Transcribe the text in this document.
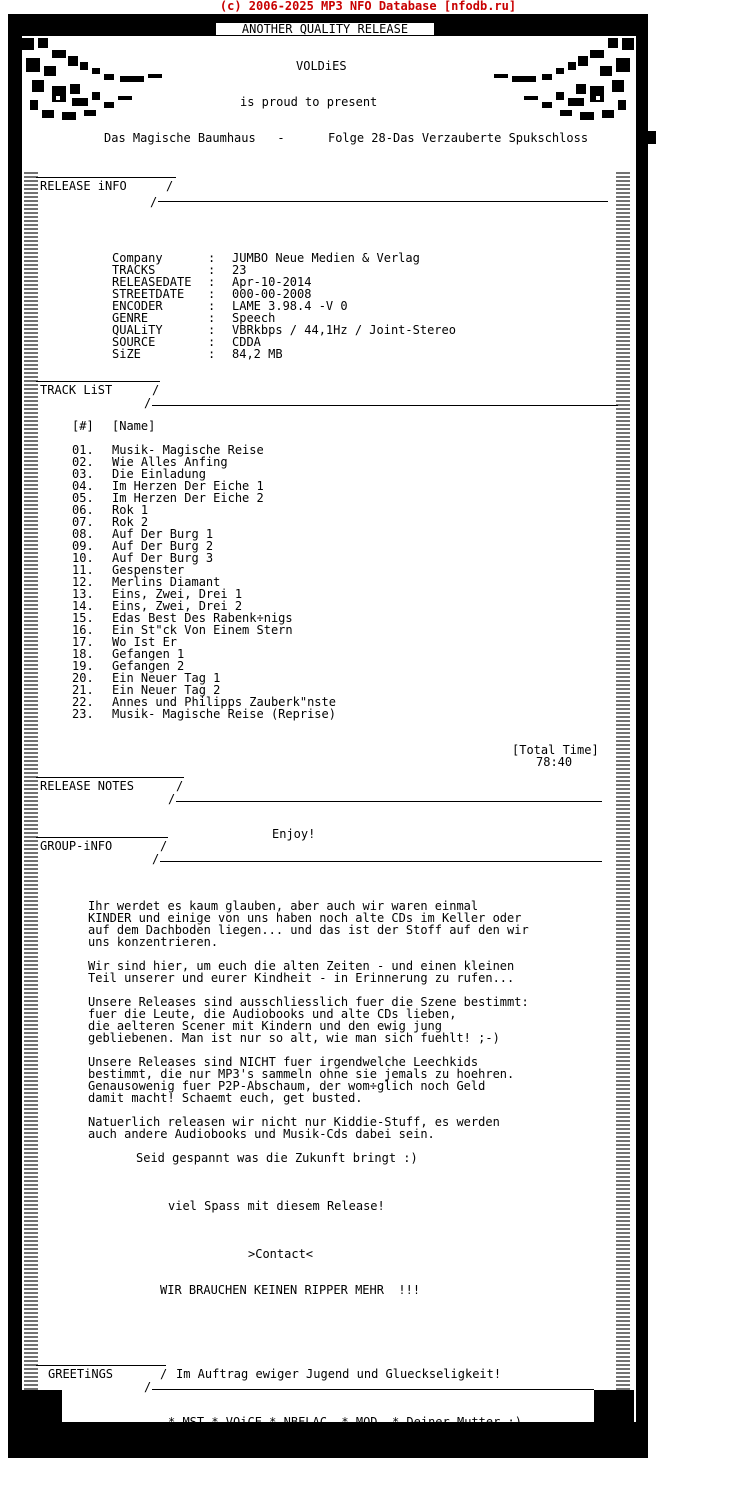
(c) 2006-2025 MP3 NFO Database [nfodb.ru]
ANOTHER QUALITY RELEASE
VOLDiES
is proud to present
Das Magische Baumhaus   -      Folge 28-Das Verzauberte Spukschloss
RELEASE iNFO	/
/
Company	: JUMBO Neue Medien & Verlag
TRACKS	: 23
RELEASEDATE : Apr-10-2014
STREETDATE : 000-00-2008
ENCODER	: LAME 3.98.4 -V 0
GENRE	: Speech
QUALiTY	: VBRkbps / 44,1Hz / Joint-Stereo
SOURCE	: CDDA
SiZE	: 84,2 MB
TRACK LiST	/
/
[#] [Name]
01. Musik- Magische Reise
02. Wie Alles Anfing
03. Die Einladung
04. Im Herzen Der Eiche 1
05. Im Herzen Der Eiche 2
06. Rok 1
07. Rok 2
08. Auf Der Burg 1
09. Auf Der Burg 2
10. Auf Der Burg 3
11. Gespenster
12. Merlins Diamant
13. Eins, Zwei, Drei 1
14. Eins, Zwei, Drei 2
15. Edas Best Des Rabenk÷nigs
16. Ein St"ck Von Einem Stern
17. Wo Ist Er
18. Gefangen 1
19. Gefangen 2
20. Ein Neuer Tag 1
21. Ein Neuer Tag 2
22. Annes und Philipps Zauberk"nste
23. Musik- Magische Reise (Reprise)
[Total Time]
78:40
RELEASE NOTES	/
/
Enjoy!
GROUP-iNFO	/
/
Ihr werdet es kaum glauben, aber auch wir waren einmal
KINDER und einige von uns haben noch alte CDs im Keller oder
auf dem Dachboden liegen... und das ist der Stoff auf den wir
uns konzentrieren.
Wir sind hier, um euch die alten Zeiten - und einen kleinen
Teil unserer und eurer Kindheit - in Erinnerung zu rufen...
Unsere Releases sind ausschliesslich fuer die Szene bestimmt:
fuer die Leute, die Audiobooks und alte CDs lieben,
die aelteren Scener mit Kindern und den ewig jung
gebliebenen. Man ist nur so alt, wie man sich fuehlt! ;-)
Unsere Releases sind NICHT fuer irgendwelche Leechkids
bestimmt, die nur MP3's sammeln ohne sie jemals zu hoehren.
Genausowenig fuer P2P-Abschaum, der wom÷glich noch Geld
damit macht! Schaemt euch, get busted.
Natuerlich releasen wir nicht nur Kiddie-Stuff, es werden
auch andere Audiobooks und Musik-Cds dabei sein.
Seid gespannt was die Zukunft bringt :)
viel Spass mit diesem Release!
>Contact<
WIR BRAUCHEN KEINEN RIPPER MEHR  !!!
GREETiNGS	/ Im Auftrag ewiger Jugend und Glueckseligkeit!
/
* MST * VOiCE * NBFLAC  * MOD  * Deiner Mutter :)
